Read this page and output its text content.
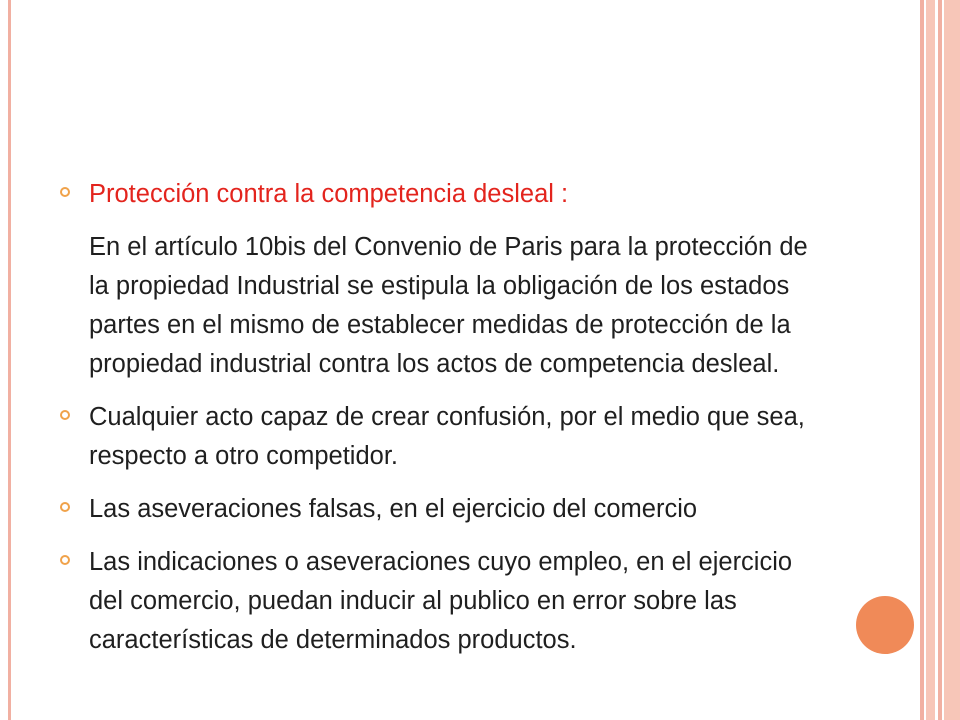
Protección contra la competencia desleal :
En el artículo 10bis del Convenio de Paris para la protección de la propiedad Industrial se estipula la obligación de los estados partes en el mismo de establecer medidas de protección de la propiedad industrial contra los actos de competencia desleal.
Cualquier acto capaz de crear confusión, por el medio que sea, respecto a otro competidor.
Las aseveraciones falsas, en el ejercicio del comercio
Las indicaciones o aseveraciones cuyo empleo, en el ejercicio del comercio, puedan inducir al publico en error sobre las características de determinados productos.
